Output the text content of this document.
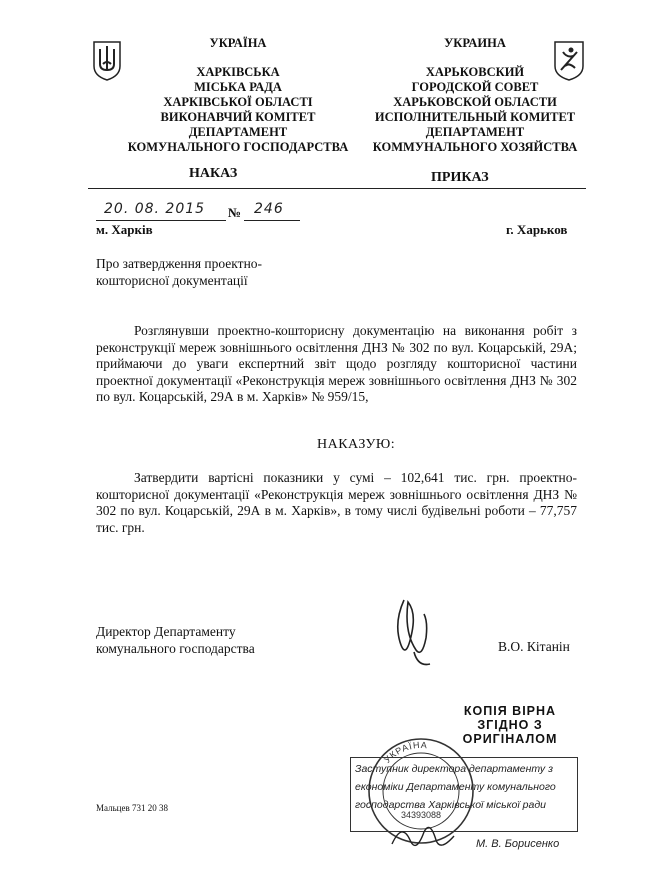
УКРАЇНА
ХАРКІВСЬКА
МІСЬКА РАДА
ХАРКІВСЬКОЇ ОБЛАСТІ
ВИКОНАВЧИЙ КОМІТЕТ
ДЕПАРТАМЕНТ
КОМУНАЛЬНОГО ГОСПОДАРСТВА
УКРАИНА
ХАРЬКОВСКИЙ
ГОРОДСКОЙ СОВЕТ
ХАРЬКОВСКОЙ ОБЛАСТИ
ИСПОЛНИТЕЛЬНЫЙ КОМИТЕТ
ДЕПАРТАМЕНТ
КОММУНАЛЬНОГО ХОЗЯЙСТВА
НАКАЗ	ПРИКАЗ
20. 08. 2015 № 246
м. Харків	г. Харьков
Про затвердження проектно-
кошторисної документації
Розглянувши проектно-кошторисну документацію на виконання робіт з реконструкції мереж зовнішнього освітлення ДНЗ № 302 по вул. Коцарській, 29А; приймаючи до уваги експертний звіт щодо розгляду кошторисної частини проектної документації «Реконструкція мереж зовнішнього освітлення ДНЗ № 302 по вул. Коцарській, 29А в м. Харків» № 959/15,
НАКАЗУЮ:
Затвердити вартісні показники у сумі – 102,641 тис. грн. проектно-кошторисної документації «Реконструкція мереж зовнішнього освітлення ДНЗ № 302 по вул. Коцарській, 29А в м. Харків», в тому числі будівельні роботи – 77,757 тис. грн.
Директор Департаменту
комунального господарства	В.О. Кітанін
КОПІЯ ВІРНА
ЗГІДНО З
ОРИГІНАЛОМ
УКРАЇНА
34393088
Заступник директора департаменту з
економіки Департаменту комунального
господарства Харківської міської ради
М. В. Борисенко
Мальцев 731 20 38
